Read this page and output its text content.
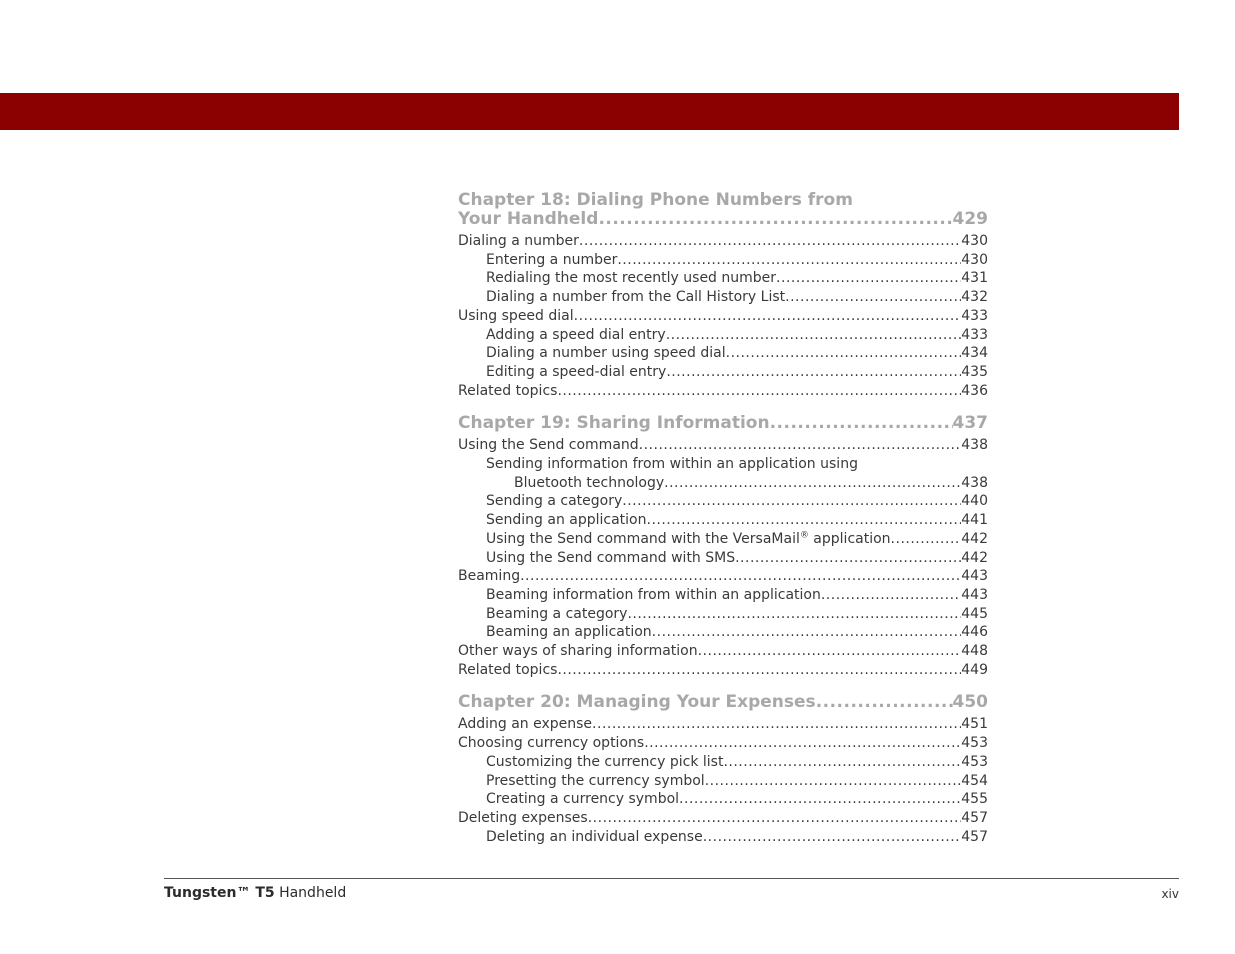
Chapter 18: Dialing Phone Numbers from
Your Handheld .....	429
Dialing a number .....	430
Entering a number .....	430
Redialing the most recently used number .....	431
Dialing a number from the Call History List .....	432
Using speed dial .....	433
Adding a speed dial entry .....	433
Dialing a number using speed dial .....	434
Editing a speed-dial entry .....	435
Related topics .....	436
Chapter 19: Sharing Information .....	437
Using the Send command .....	438
Sending information from within an application using
Bluetooth technology .....	438
Sending a category .....	440
Sending an application .....	441
Using the Send command with the VersaMail® application .....	442
Using the Send command with SMS .....	442
Beaming .....	443
Beaming information from within an application .....	443
Beaming a category .....	445
Beaming an application .....	446
Other ways of sharing information .....	448
Related topics .....	449
Chapter 20: Managing Your Expenses .....	450
Adding an expense .....	451
Choosing currency options .....	453
Customizing the currency pick list .....	453
Presetting the currency symbol .....	454
Creating a currency symbol .....	455
Deleting expenses .....	457
Deleting an individual expense .....	457
Tungsten™ T5 Handheld	xiv
